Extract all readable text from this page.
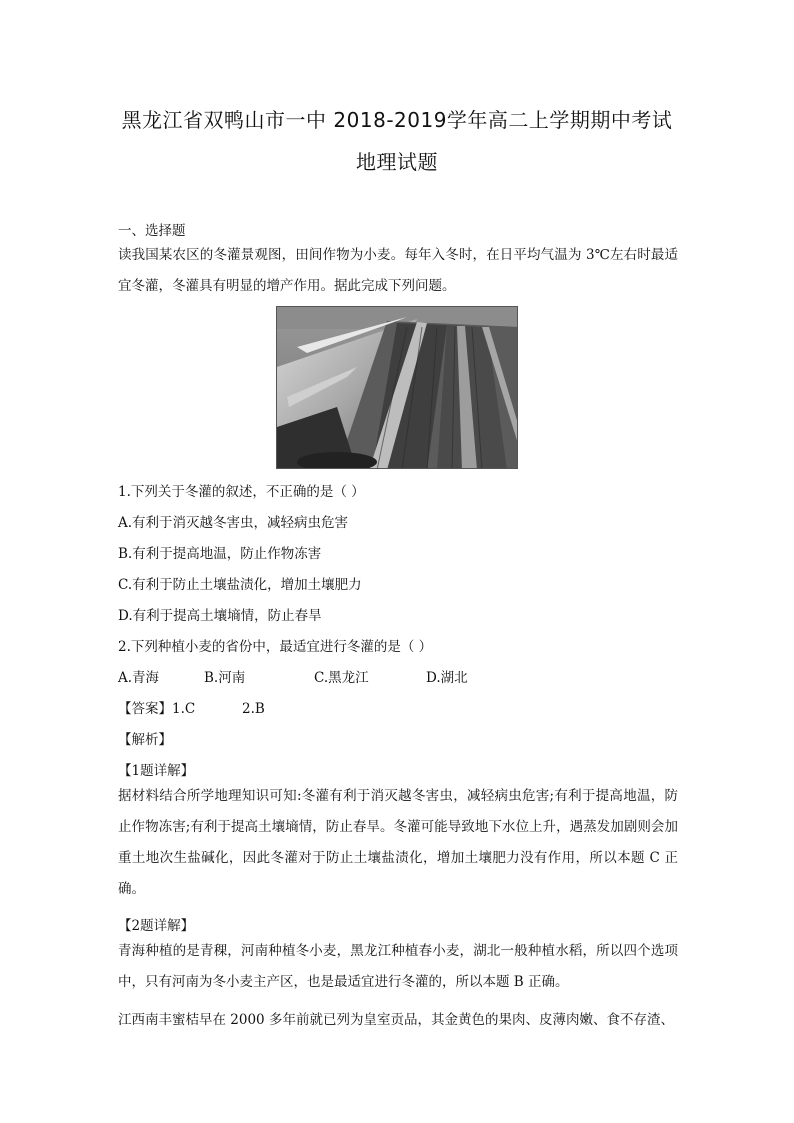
黑龙江省双鸭山市一中 2018-2019学年高二上学期期中考试
地理试题
一、选择题
读我国某农区的冬灌景观图，田间作物为小麦。每年入冬时，在日平均气温为 3℃左右时最适宜冬灌，冬灌具有明显的增产作用。据此完成下列问题。
1.下列关于冬灌的叙述，不正确的是（ ）
A.有利于消灭越冬害虫，减轻病虫危害
B.有利于提高地温，防止作物冻害
C.有利于防止土壤盐渍化，增加土壤肥力
D.有利于提高土壤墒情，防止春旱
2.下列种植小麦的省份中，最适宜进行冬灌的是（ ）
A.青海	B.河南	C.黑龙江	D.湖北
【答案】1.C	2.B
【解析】
【1题详解】
据材料结合所学地理知识可知:冬灌有利于消灭越冬害虫，减轻病虫危害;有利于提高地温，防止作物冻害;有利于提高土壤墒情，防止春旱。冬灌可能导致地下水位上升，遇蒸发加剧则会加重土地次生盐碱化，因此冬灌对于防止土壤盐渍化，增加土壤肥力没有作用，所以本题 C 正确。
【2题详解】
青海种植的是青稞，河南种植冬小麦，黑龙江种植春小麦，湖北一般种植水稻，所以四个选项中，只有河南为冬小麦主产区，也是最适宜进行冬灌的，所以本题 B 正确。
江西南丰蜜桔早在 2000 多年前就已列为皇室贡品，其金黄色的果肉、皮薄肉嫩、食不存渣、
